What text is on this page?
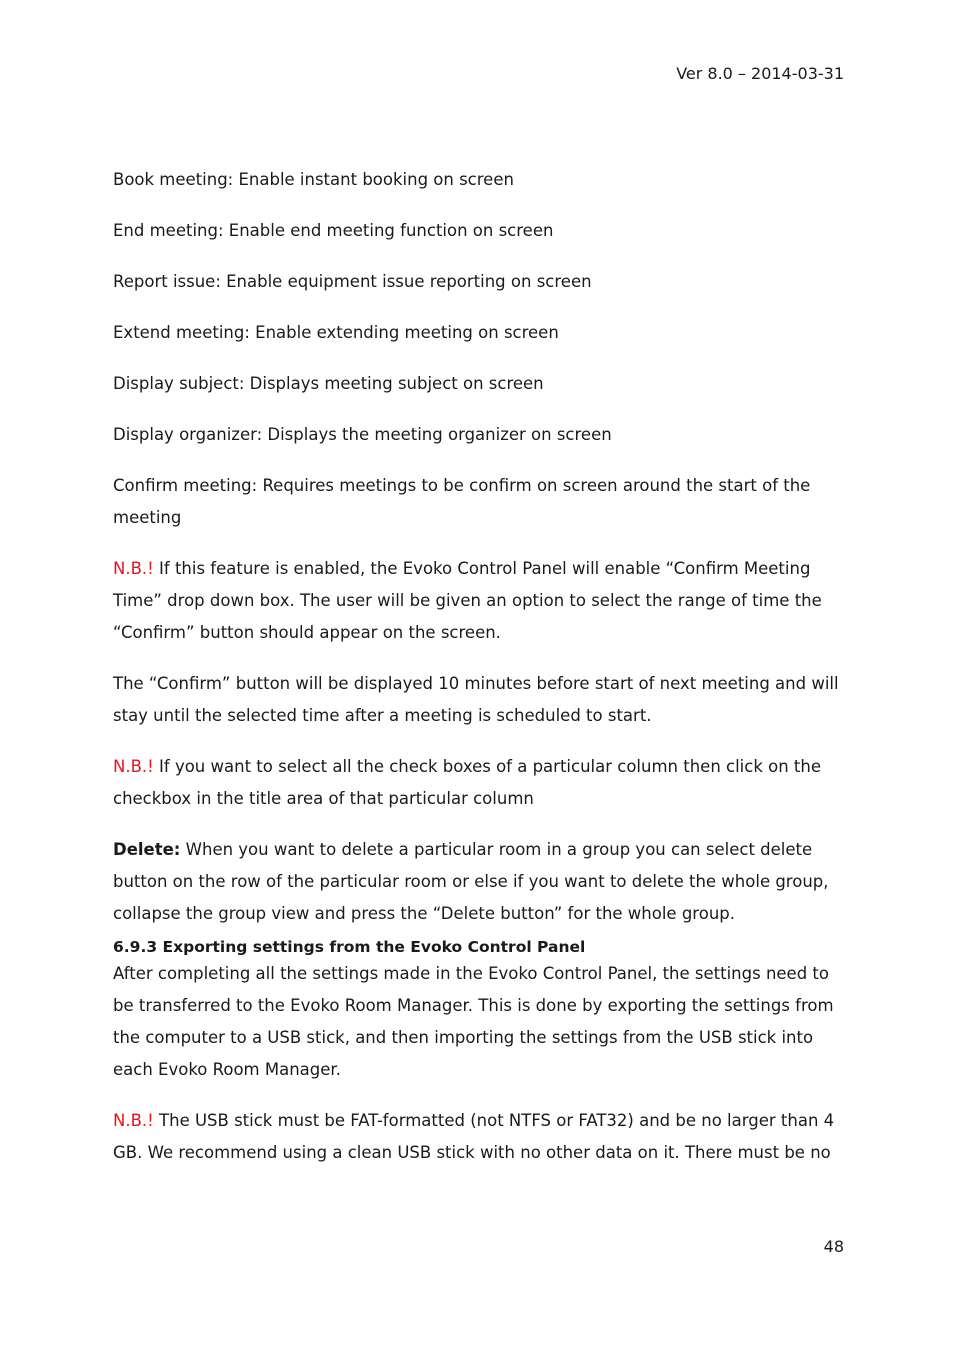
Ver 8.0 – 2014-03-31

Book meeting: Enable instant booking on screen

End meeting: Enable end meeting function on screen

Report issue: Enable equipment issue reporting on screen

Extend meeting: Enable extending meeting on screen

Display subject: Displays meeting subject on screen

Display organizer: Displays the meeting organizer on screen

Confirm meeting: Requires meetings to be confirm on screen around the start of the meeting

N.B.! If this feature is enabled, the Evoko Control Panel will enable “Confirm Meeting Time” drop down box. The user will be given an option to select the range of time the “Confirm” button should appear on the screen.

The “Confirm” button will be displayed 10 minutes before start of next meeting and will stay until the selected time after a meeting is scheduled to start.

N.B.! If you want to select all the check boxes of a particular column then click on the checkbox in the title area of that particular column

Delete: When you want to delete a particular room in a group you can select delete button on the row of the particular room or else if you want to delete the whole group, collapse the group view and press the “Delete button” for the whole group.

6.9.3 Exporting settings from the Evoko Control Panel

After completing all the settings made in the Evoko Control Panel, the settings need to be transferred to the Evoko Room Manager. This is done by exporting the settings from the computer to a USB stick, and then importing the settings from the USB stick into each Evoko Room Manager.

N.B.! The USB stick must be FAT-formatted (not NTFS or FAT32) and be no larger than 4 GB. We recommend using a clean USB stick with no other data on it. There must be no

48
